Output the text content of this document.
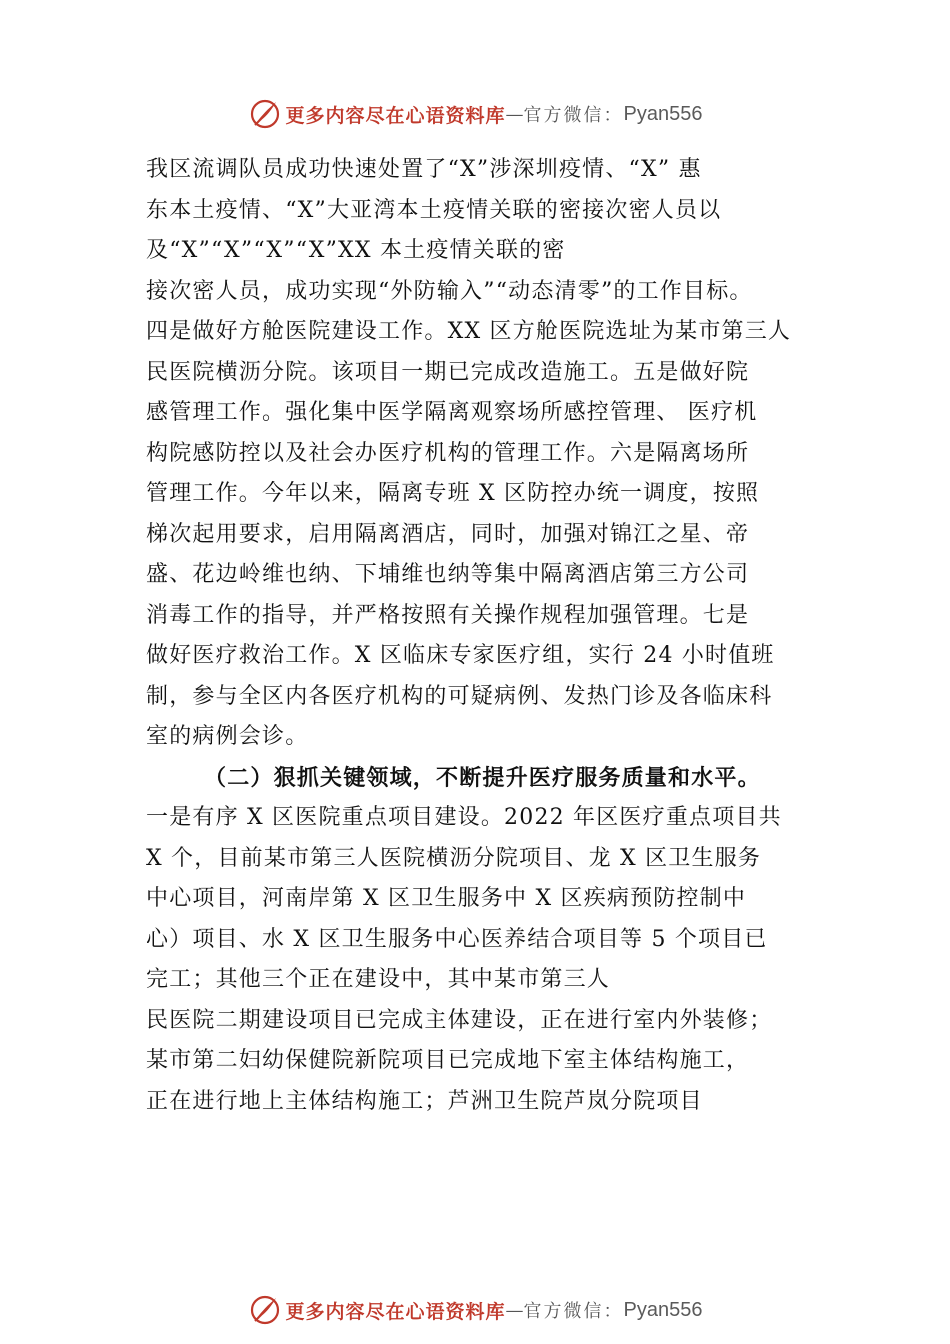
更多内容尽在心语资料库 — 官方微信： Pyan556
我区流调队员成功快速处置了“X”涉深圳疫情、“X” 惠
东本土疫情、“X”大亚湾本土疫情关联的密接次密人员以
及“X”“X”“X”“X”XX 本土疫情关联的密
接次密人员，成功实现“外防输入”“动态清零”的工作目标。
四是做好方舱医院建设工作。XX 区方舱医院选址为某市第三人
民医院横沥分院。该项目一期已完成改造施工。五是做好院
感管理工作。强化集中医学隔离观察场所感控管理、 医疗机
构院感防控以及社会办医疗机构的管理工作。六是隔离场所
管理工作。今年以来，隔离专班 X 区防控办统一调度，按照
梯次起用要求，启用隔离酒店，同时，加强对锦江之星、帝
盛、花边岭维也纳、下埔维也纳等集中隔离酒店第三方公司
消毒工作的指导，并严格按照有关操作规程加强管理。七是
做好医疗救治工作。X 区临床专家医疗组，实行 24 小时值班
制，参与全区内各医疗机构的可疑病例、发热门诊及各临床科
室的病例会诊。
（二）狠抓关键领域，不断提升医疗服务质量和水平。
一是有序 X 区医院重点项目建设。2022 年区医疗重点项目共
X 个，目前某市第三人医院横沥分院项目、龙 X 区卫生服务
中心项目，河南岸第 X 区卫生服务中 X 区疾病预防控制中
心）项目、水 X 区卫生服务中心医养结合项目等 5 个项目已
完工；其他三个正在建设中，其中某市第三人
民医院二期建设项目已完成主体建设，正在进行室内外装修；
某市第二妇幼保健院新院项目已完成地下室主体结构施工，
正在进行地上主体结构施工；芦洲卫生院芦岚分院项目
更多内容尽在心语资料库 — 官方微信： Pyan556
